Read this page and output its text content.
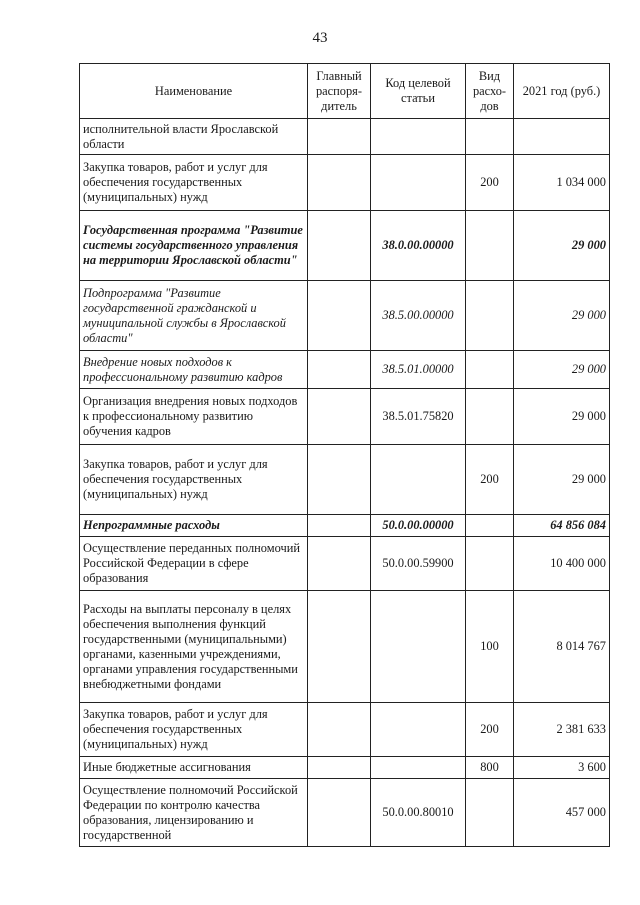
43
Наименование	Главный распоря-дитель	Код целевой статьи	Вид расхо-дов	2021 год (руб.)
исполнительной власти Ярославской области				
Закупка товаров, работ и услуг для обеспечения государственных (муниципальных) нужд			200	1 034 000
Государственная программа "Развитие системы государственного управления на территории Ярославской области"		38.0.00.00000		29 000
Подпрограмма "Развитие государственной гражданской и муниципальной службы в Ярославской области"		38.5.00.00000		29 000
Внедрение новых подходов к профессиональному развитию кадров		38.5.01.00000		29 000
Организация внедрения новых подходов к профессиональному развитию обучения кадров		38.5.01.75820		29 000
Закупка товаров, работ и услуг для обеспечения государственных (муниципальных) нужд			200	29 000
Непрограммные расходы		50.0.00.00000		64 856 084
Осуществление переданных полномочий Российской Федерации в сфере образования		50.0.00.59900		10 400 000
Расходы на выплаты персоналу в целях обеспечения выполнения функций государственными (муниципальными) органами, казенными учреждениями, органами управления государственными внебюджетными фондами			100	8 014 767
Закупка товаров, работ и услуг для обеспечения государственных (муниципальных) нужд			200	2 381 633
Иные бюджетные ассигнования			800	3 600
Осуществление полномочий Российской Федерации по контролю качества образования, лицензированию и государственной		50.0.00.80010		457 000
